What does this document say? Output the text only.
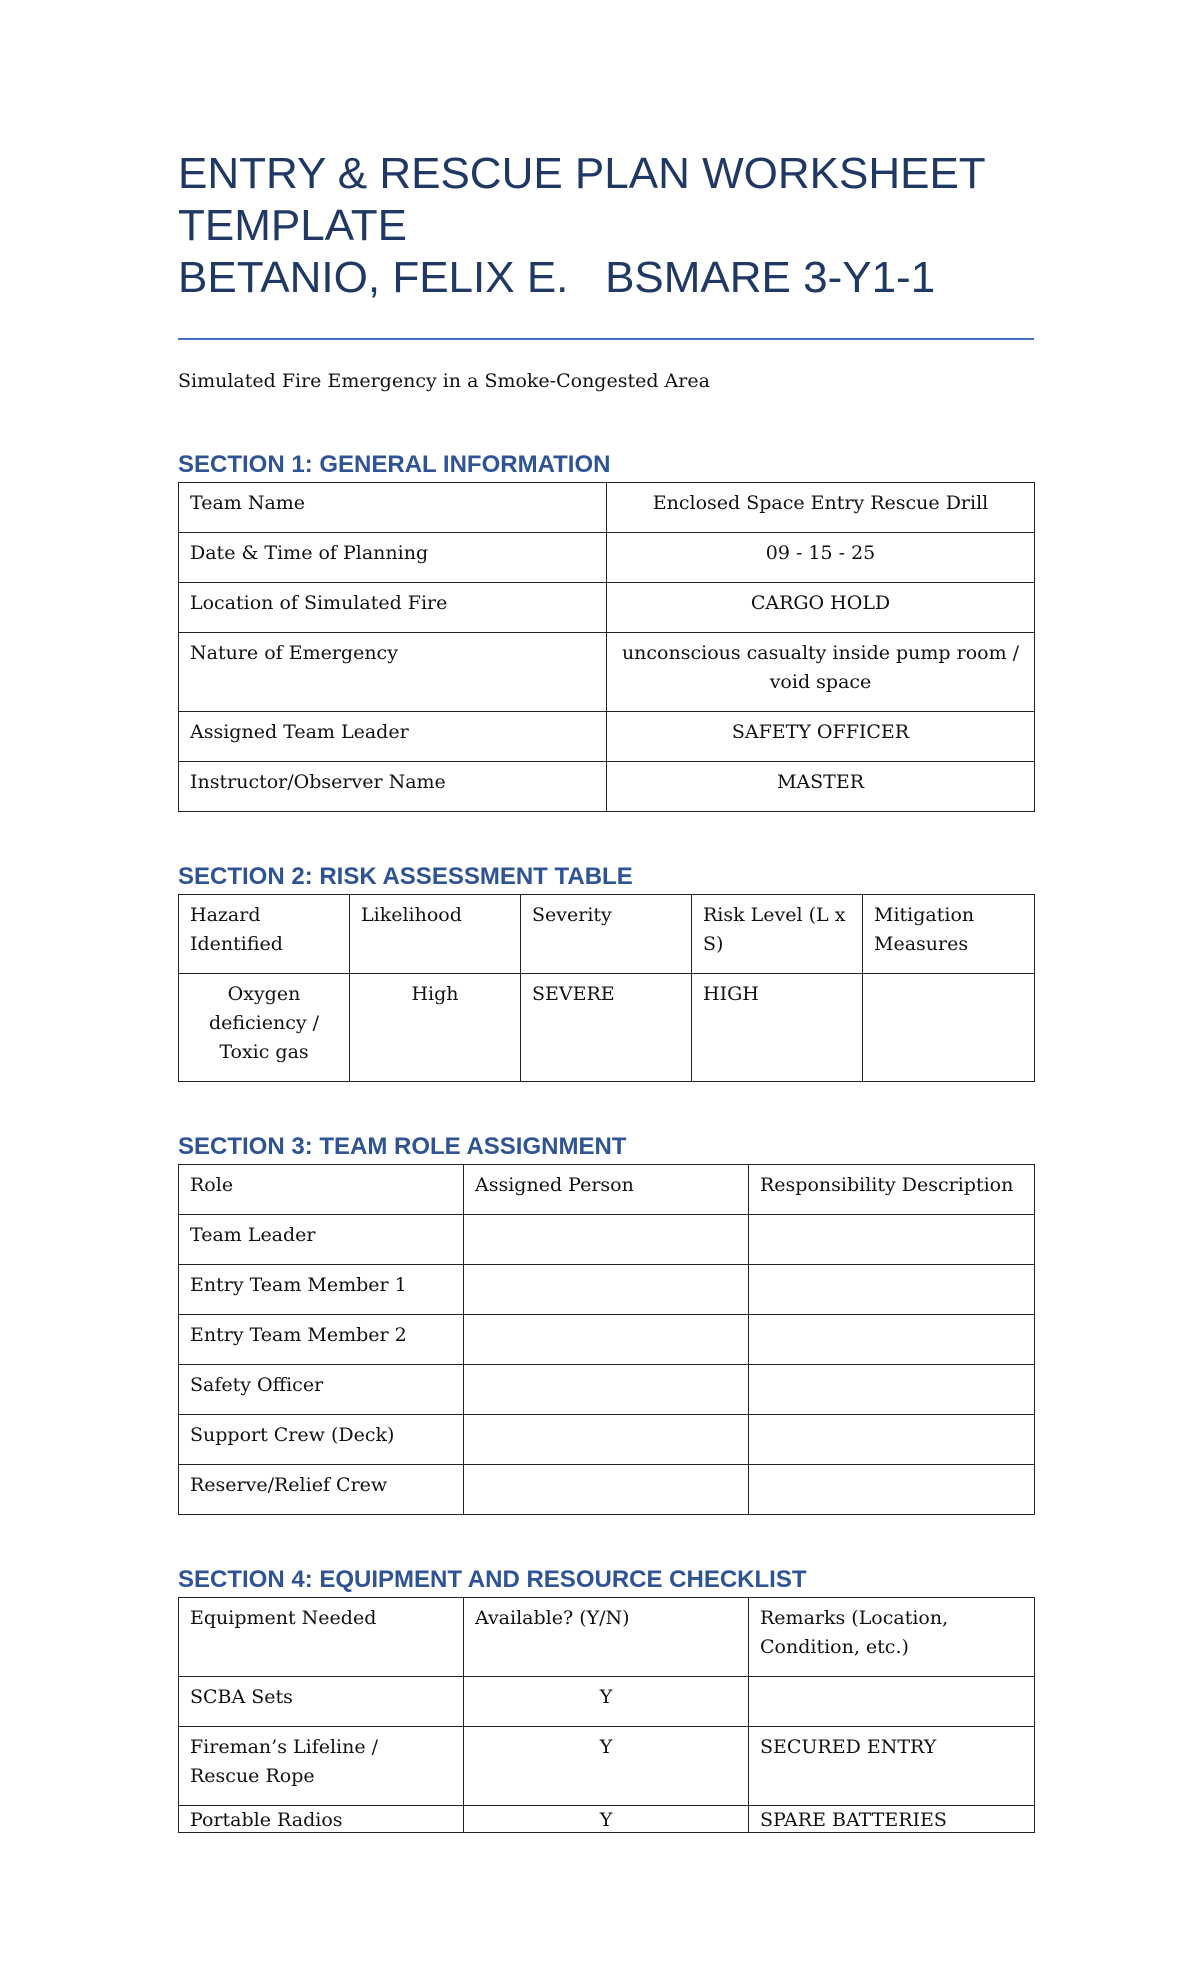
ENTRY & RESCUE PLAN WORKSHEET
TEMPLATE
BETANIO, FELIX E.   BSMARE 3-Y1-1
Simulated Fire Emergency in a Smoke-Congested Area
SECTION 1: GENERAL INFORMATION
Team Name	Enclosed Space Entry Rescue Drill
Date & Time of Planning	09 - 15 - 25
Location of Simulated Fire	CARGO HOLD
Nature of Emergency	unconscious casualty inside pump room / void space
Assigned Team Leader	SAFETY OFFICER
Instructor/Observer Name	MASTER
SECTION 2: RISK ASSESSMENT TABLE
Hazard Identified	Likelihood	Severity	Risk Level (L x S)	Mitigation Measures
Oxygen deficiency / Toxic gas	High	SEVERE	HIGH	
SECTION 3: TEAM ROLE ASSIGNMENT
Role	Assigned Person	Responsibility Description
Team Leader		
Entry Team Member 1		
Entry Team Member 2		
Safety Officer		
Support Crew (Deck)		
Reserve/Relief Crew		
SECTION 4: EQUIPMENT AND RESOURCE CHECKLIST
Equipment Needed	Available? (Y/N)	Remarks (Location, Condition, etc.)
SCBA Sets	Y	
Fireman’s Lifeline / Rescue Rope	Y	SECURED ENTRY
Portable Radios	Y	SPARE BATTERIES
